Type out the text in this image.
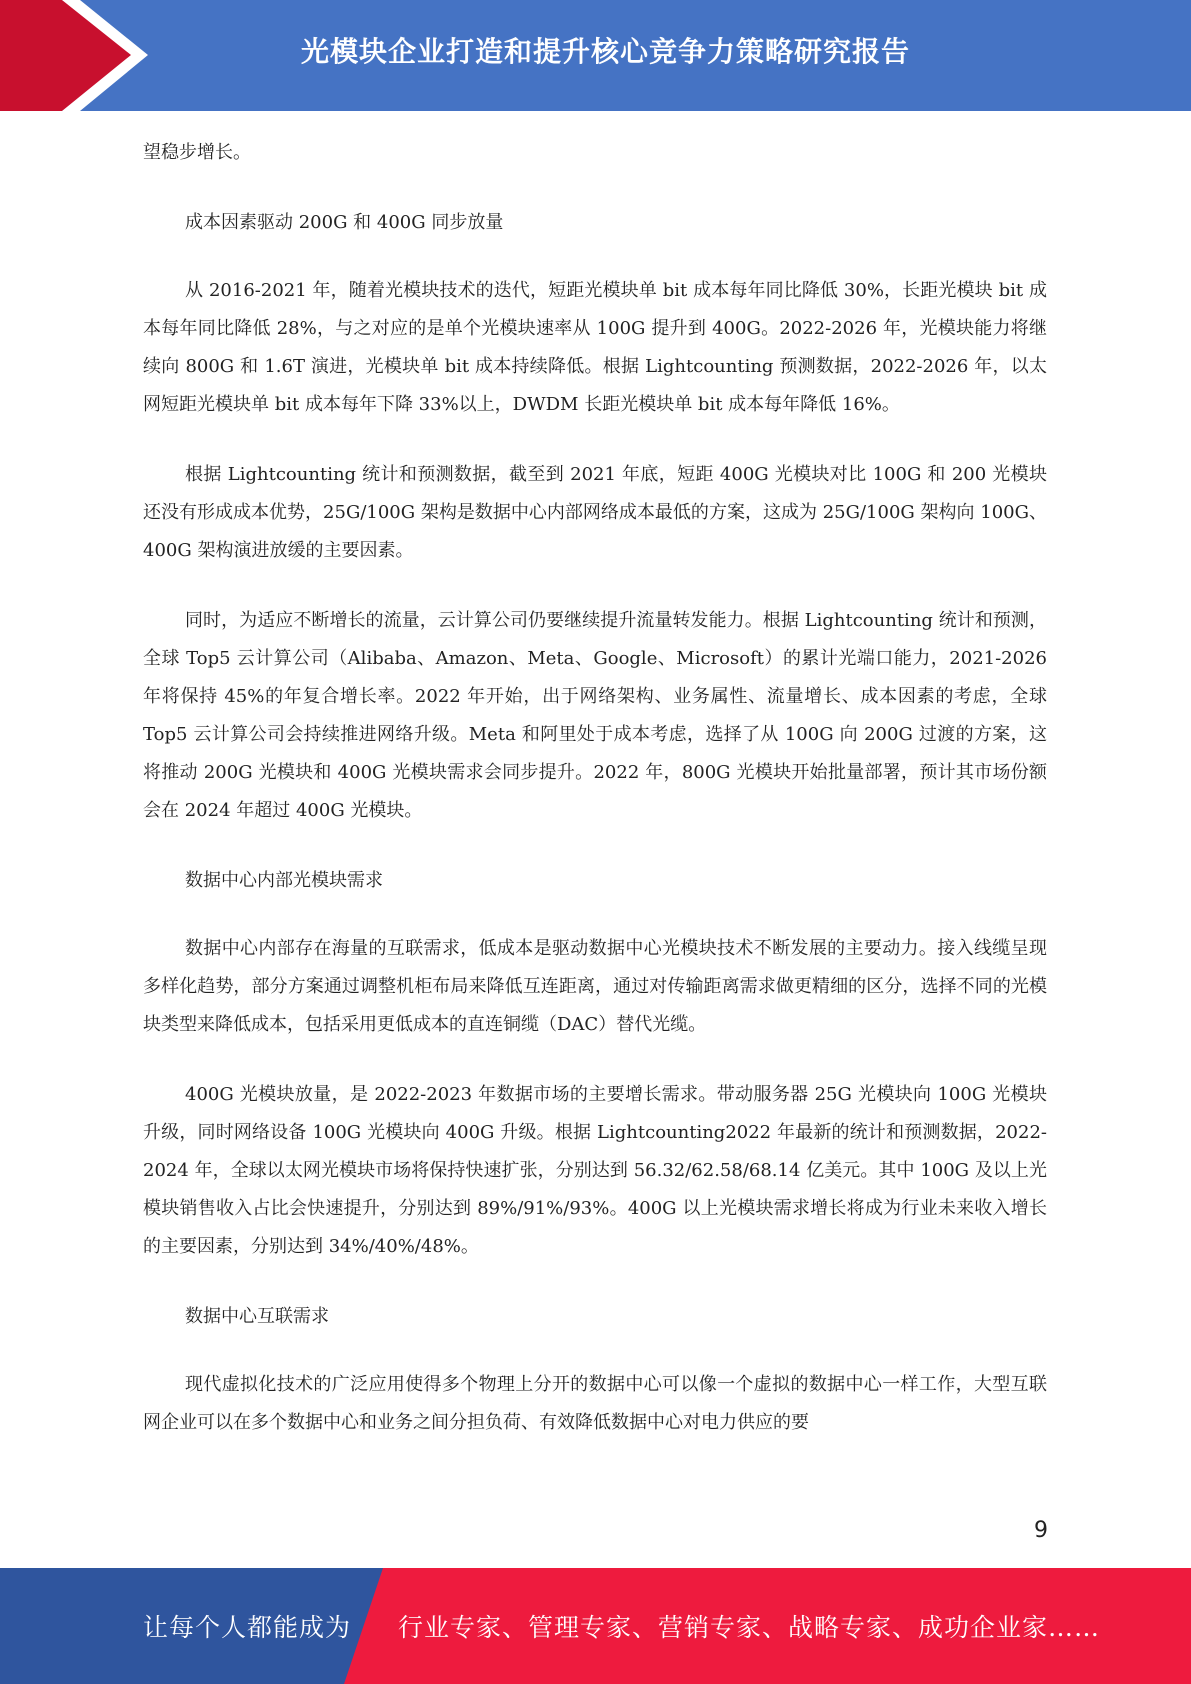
光模块企业打造和提升核心竞争力策略研究报告

望稳步增长。

成本因素驱动 200G 和 400G 同步放量

从 2016-2021 年，随着光模块技术的迭代，短距光模块单 bit 成本每年同比降低 30%，长距光模块 bit 成本每年同比降低 28%，与之对应的是单个光模块速率从 100G 提升到 400G。2022-2026 年，光模块能力将继续向 800G 和 1.6T 演进，光模块单 bit 成本持续降低。根据 Lightcounting 预测数据，2022-2026 年，以太网短距光模块单 bit 成本每年下降 33%以上，DWDM 长距光模块单 bit 成本每年降低 16%。

根据 Lightcounting 统计和预测数据，截至到 2021 年底，短距 400G 光模块对比 100G 和 200 光模块还没有形成成本优势，25G/100G 架构是数据中心内部网络成本最低的方案，这成为 25G/100G 架构向 100G、400G 架构演进放缓的主要因素。

同时，为适应不断增长的流量，云计算公司仍要继续提升流量转发能力。根据 Lightcounting 统计和预测，全球 Top5 云计算公司（Alibaba、Amazon、Meta、Google、Microsoft）的累计光端口能力，2021-2026 年将保持 45%的年复合增长率。2022 年开始，出于网络架构、业务属性、流量增长、成本因素的考虑，全球 Top5 云计算公司会持续推进网络升级。Meta 和阿里处于成本考虑，选择了从 100G 向 200G 过渡的方案，这将推动 200G 光模块和 400G 光模块需求会同步提升。2022 年，800G 光模块开始批量部署，预计其市场份额会在 2024 年超过 400G 光模块。

数据中心内部光模块需求

数据中心内部存在海量的互联需求，低成本是驱动数据中心光模块技术不断发展的主要动力。接入线缆呈现多样化趋势，部分方案通过调整机柜布局来降低互连距离，通过对传输距离需求做更精细的区分，选择不同的光模块类型来降低成本，包括采用更低成本的直连铜缆（DAC）替代光缆。

400G 光模块放量，是 2022-2023 年数据市场的主要增长需求。带动服务器 25G 光模块向 100G 光模块升级，同时网络设备 100G 光模块向 400G 升级。根据 Lightcounting2022 年最新的统计和预测数据，2022-2024 年，全球以太网光模块市场将保持快速扩张，分别达到 56.32/62.58/68.14 亿美元。其中 100G 及以上光模块销售收入占比会快速提升，分别达到 89%/91%/93%。400G 以上光模块需求增长将成为行业未来收入增长的主要因素，分别达到 34%/40%/48%。

数据中心互联需求

现代虚拟化技术的广泛应用使得多个物理上分开的数据中心可以像一个虚拟的数据中心一样工作，大型互联网企业可以在多个数据中心和业务之间分担负荷、有效降低数据中心对电力供应的要

9
让每个人都能成为 行业专家、管理专家、营销专家、战略专家、成功企业家……
